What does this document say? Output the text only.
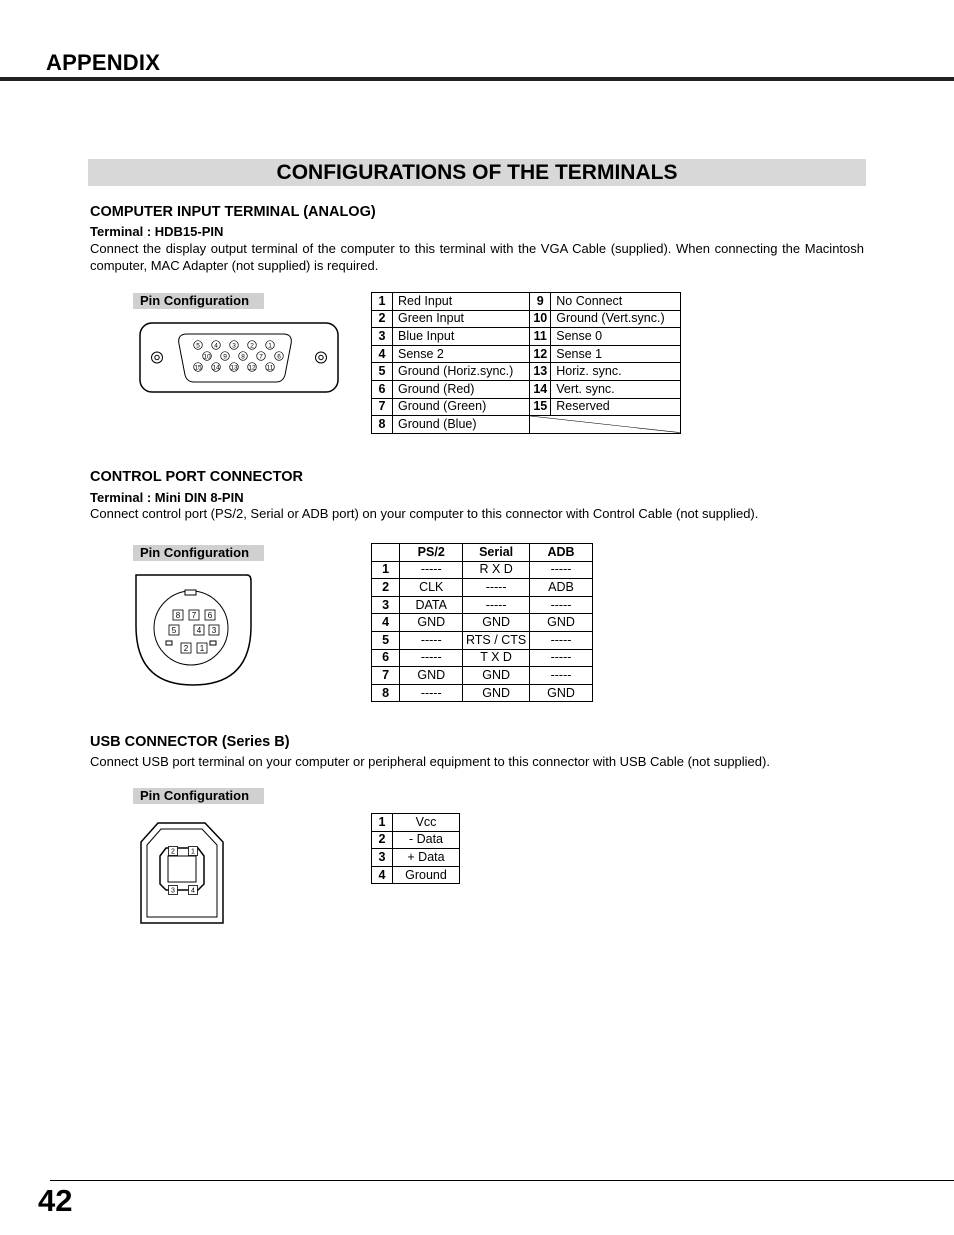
APPENDIX
CONFIGURATIONS OF THE TERMINALS
COMPUTER INPUT TERMINAL (ANALOG)
Terminal : HDB15-PIN
Connect the display output terminal of the computer to this terminal with the VGA Cable (supplied). When connecting the Macintosh computer, MAC Adapter (not supplied) is required.
Pin Configuration
5 4 3 2 1
10 9 8 7 6
15 14 13 12 11
1	Red Input	9	No Connect
2	Green Input	10	Ground (Vert.sync.)
3	Blue Input	11	Sense 0
4	Sense 2	12	Sense 1
5	Ground (Horiz.sync.)	13	Horiz. sync.
6	Ground (Red)	14	Vert. sync.
7	Ground (Green)	15	Reserved
8	Ground (Blue)	
CONTROL PORT CONNECTOR
Terminal : Mini DIN 8-PIN
Connect control port (PS/2, Serial or ADB port) on your computer to this connector with Control Cable (not supplied).
Pin Configuration
8 7 6
5	4 3
2 1
	PS/2	Serial	ADB
1	-----	R X D	-----
2	CLK	-----	ADB
3	DATA	-----	-----
4	GND	GND	GND
5	-----	RTS / CTS	-----
6	-----	T X D	-----
7	GND	GND	-----
8	-----	GND	GND
USB CONNECTOR (Series B)
Connect USB port terminal on your computer or peripheral equipment to this connector with USB Cable (not supplied).
Pin Configuration
2 1
3 4
1	Vcc
2	- Data
3	+ Data
4	Ground
42
